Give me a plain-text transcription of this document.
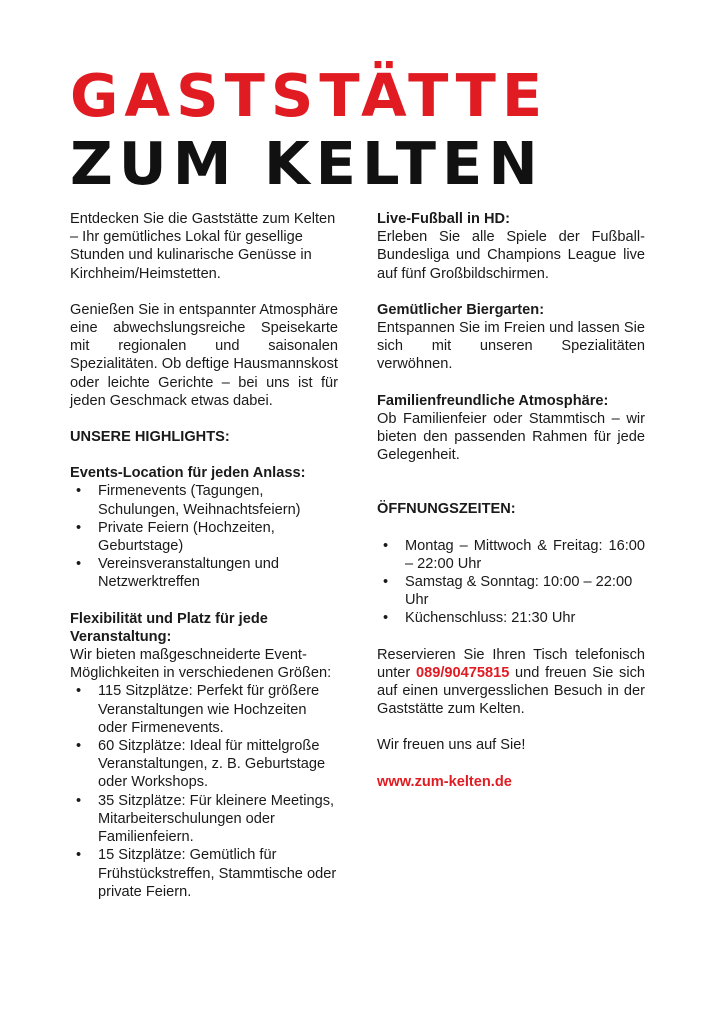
GASTSTÄTTE
ZUM KELTEN

Entdecken Sie die Gaststätte zum Kelten – Ihr gemütliches Lokal für gesellige Stunden und kulinarische Genüsse in Kirchheim/Heimstetten.

Genießen Sie in entspannter Atmosphäre eine abwechslungsreiche Speisekarte mit regionalen und saisonalen Spezialitäten. Ob deftige Hausmannskost oder leichte Gerichte – bei uns ist für jeden Geschmack etwas dabei.

UNSERE HIGHLIGHTS:
Events-Location für jeden Anlass:
• Firmenevents (Tagungen, Schulungen, Weihnachtsfeiern)
• Private Feiern (Hochzeiten, Geburtstage)
• Vereinsveranstaltungen und Netzwerktreffen
Flexibilität und Platz für jede Veranstaltung:

Wir bieten maßgeschneiderte Event-Möglichkeiten in verschiedenen Größen:

• 115 Sitzplätze: Perfekt für größere Veranstaltungen wie Hochzeiten oder Firmenevents.
• 60 Sitzplätze: Ideal für mittelgroße Veranstaltungen, z. B. Geburtstage oder Workshops.
• 35 Sitzplätze: Für kleinere Meetings, Mitarbeiterschulungen oder Familienfeiern.
• 15 Sitzplätze: Gemütlich für Frühstückstreffen, Stammtische oder private Feiern.
Live-Fußball in HD:

Erleben Sie alle Spiele der Fußball-Bundesliga und Champions League live auf fünf Großbildschirmen.

Gemütlicher Biergarten:

Entspannen Sie im Freien und lassen Sie sich mit unseren Spezialitäten verwöhnen.

Familienfreundliche Atmosphäre:

Ob Familienfeier oder Stammtisch – wir bieten den passenden Rahmen für jede Gelegenheit.

ÖFFNUNGSZEITEN:
• Montag – Mittwoch & Freitag: 16:00 – 22:00 Uhr
• Samstag & Sonntag: 10:00 – 22:00 Uhr
• Küchenschluss: 21:30 Uhr

Reservieren Sie Ihren Tisch telefonisch unter 089/90475815 und freuen Sie sich auf einen unvergesslichen Besuch in der Gaststätte zum Kelten.

Wir freuen uns auf Sie!

www.zum-kelten.de
